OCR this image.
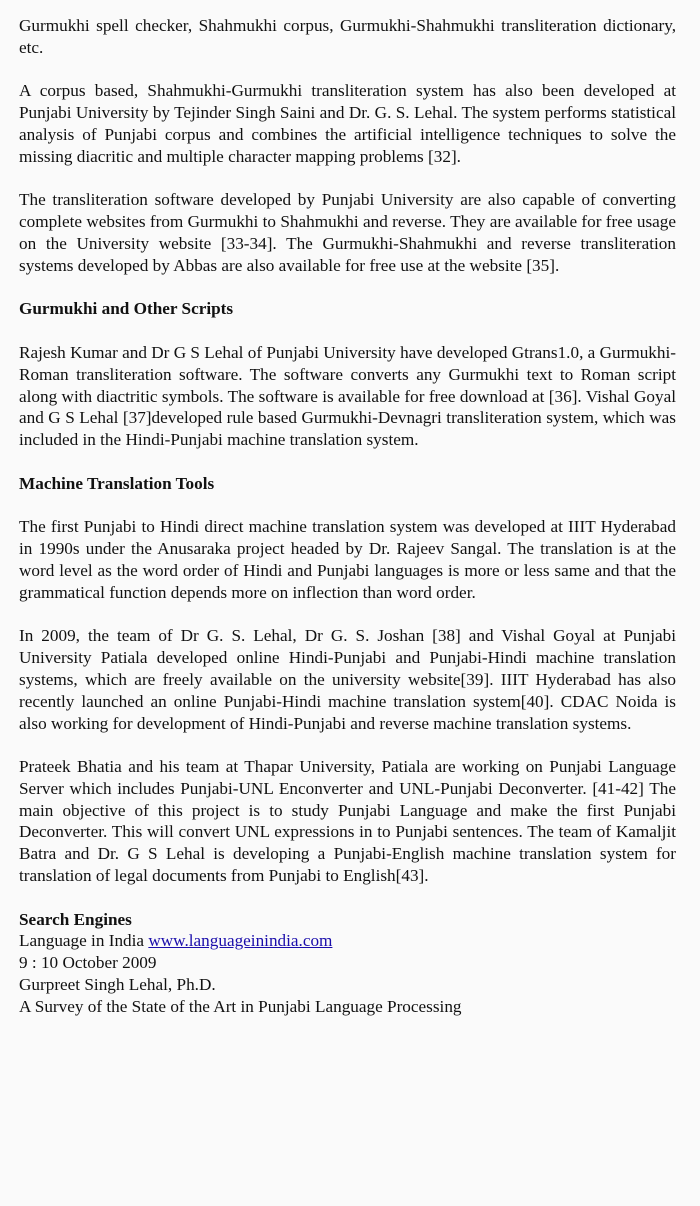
Gurmukhi spell checker, Shahmukhi corpus, Gurmukhi-Shahmukhi transliteration dictionary, etc.

A corpus based, Shahmukhi-Gurmukhi transliteration system has also been developed at Punjabi University by Tejinder Singh Saini and Dr. G. S. Lehal. The system performs statistical analysis of Punjabi corpus and combines the artificial intelligence techniques to solve the missing diacritic and multiple character mapping problems [32].

The transliteration software developed by Punjabi University are also capable of converting complete websites from Gurmukhi to Shahmukhi and reverse. They are available for free usage on the University website [33-34]. The Gurmukhi-Shahmukhi and reverse transliteration systems developed by Abbas are also available for free use at the website [35].

Gurmukhi and Other Scripts

Rajesh Kumar and Dr G S Lehal of Punjabi University have developed Gtrans1.0, a Gurmukhi-Roman transliteration software. The software converts any Gurmukhi text to Roman script along with diactritic symbols. The software is available for free download at [36]. Vishal Goyal and G S Lehal [37]developed rule based Gurmukhi-Devnagri transliteration system, which was included in the Hindi-Punjabi machine translation system.

Machine Translation Tools

The first Punjabi to Hindi direct machine translation system was developed at IIIT Hyderabad in 1990s under the Anusaraka project headed by Dr. Rajeev Sangal. The translation is at the word level as the word order of Hindi and Punjabi languages is more or less same and that the grammatical function depends more on inflection than word order.

In 2009, the team of Dr G. S. Lehal, Dr G. S. Joshan [38] and Vishal Goyal at Punjabi University Patiala developed online Hindi-Punjabi and Punjabi-Hindi machine translation systems, which are freely available on the university website[39]. IIIT Hyderabad has also recently launched an online Punjabi-Hindi machine translation system[40]. CDAC Noida is also working for development of Hindi-Punjabi and reverse machine translation systems.

Prateek Bhatia and his team at Thapar University, Patiala are working on Punjabi Language Server which includes Punjabi-UNL Enconverter and UNL-Punjabi Deconverter. [41-42] The main objective of this project is to study Punjabi Language and make the first Punjabi Deconverter. This will convert UNL expressions in to Punjabi sentences. The team of Kamaljit Batra and Dr. G S Lehal is developing a Punjabi-English machine translation system for translation of legal documents from Punjabi to English[43].

Search Engines
Language in India www.languageinindia.com
9 : 10 October 2009
Gurpreet Singh Lehal, Ph.D.
A Survey of the State of the Art in Punjabi Language Processing
